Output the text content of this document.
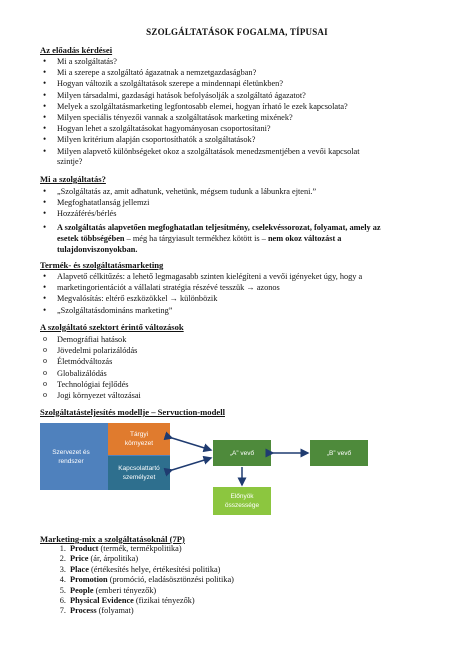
SZOLGÁLTATÁSOK FOGALMA, TÍPUSAI
Az előadás kérdései
• Mi a szolgáltatás?
• Mi a szerepe a szolgáltató ágazatnak a nemzetgazdaságban?
• Hogyan változik a szolgáltatások szerepe a mindennapi életünkben?
• Milyen társadalmi, gazdasági hatások befolyásolják a szolgáltató ágazatot?
• Melyek a szolgáltatásmarketing legfontosabb elemei, hogyan írható le ezek kapcsolata?
• Milyen speciális tényezői vannak a szolgáltatások marketing mixének?
• Hogyan lehet a szolgáltatásokat hagyományosan csoportosítani?
• Milyen kritérium alapján csoportosíthatók a szolgáltatások?
• Milyen alapvető különbségeket okoz a szolgáltatások menedzsmentjében a vevői kapcsolat
szintje?
Mi a szolgáltatás?
• „Szolgáltatás az, amit adhatunk, vehetünk, mégsem tudunk a lábunkra ejteni.”
• Megfoghatatlanság jellemzi
• Hozzáférés/bérlés
• A szolgáltatás alapvetően megfoghatatlan teljesítmény, cselekvéssorozat, folyamat, amely az
esetek többségében – még ha tárgyiasult termékhez kötött is – nem okoz változást a
tulajdonviszonyokban.
Termék- és szolgáltatásmarketing
• Alapvető célkitűzés: a lehető legmagasabb szinten kielégíteni a vevői igényeket úgy, hogy a
• marketingorientációt a vállalati stratégia részévé tesszük → azonos
• Megvalósítás: eltérő eszközökkel → különbözik
• „Szolgáltatásdomináns marketing”
A szolgáltató szektort érintő változások
o Demográfiai hatások
o Jövedelmi polarizálódás
o Életmódváltozás
o Globalizálódás
o Technológiai fejlődés
o Jogi környezet változásai
Szolgáltatásteljesítés modellje – Servuction-modell
Szervezet és rendszer
Tárgyi környezet
Kapcsolattartó személyzet
„A” vevő	„B” vevő
Előnyök összessége
Marketing-mix a szolgáltatásoknál (7P)
1. Product (termék, termékpolitika)
2. Price (ár, árpolitika)
3. Place (értékesítés helye, értékesítési politika)
4. Promotion (promóció, eladásösztönzési politika)
5. People (emberi tényezők)
6. Physical Evidence (fizikai tényezők)
7. Process (folyamat)
